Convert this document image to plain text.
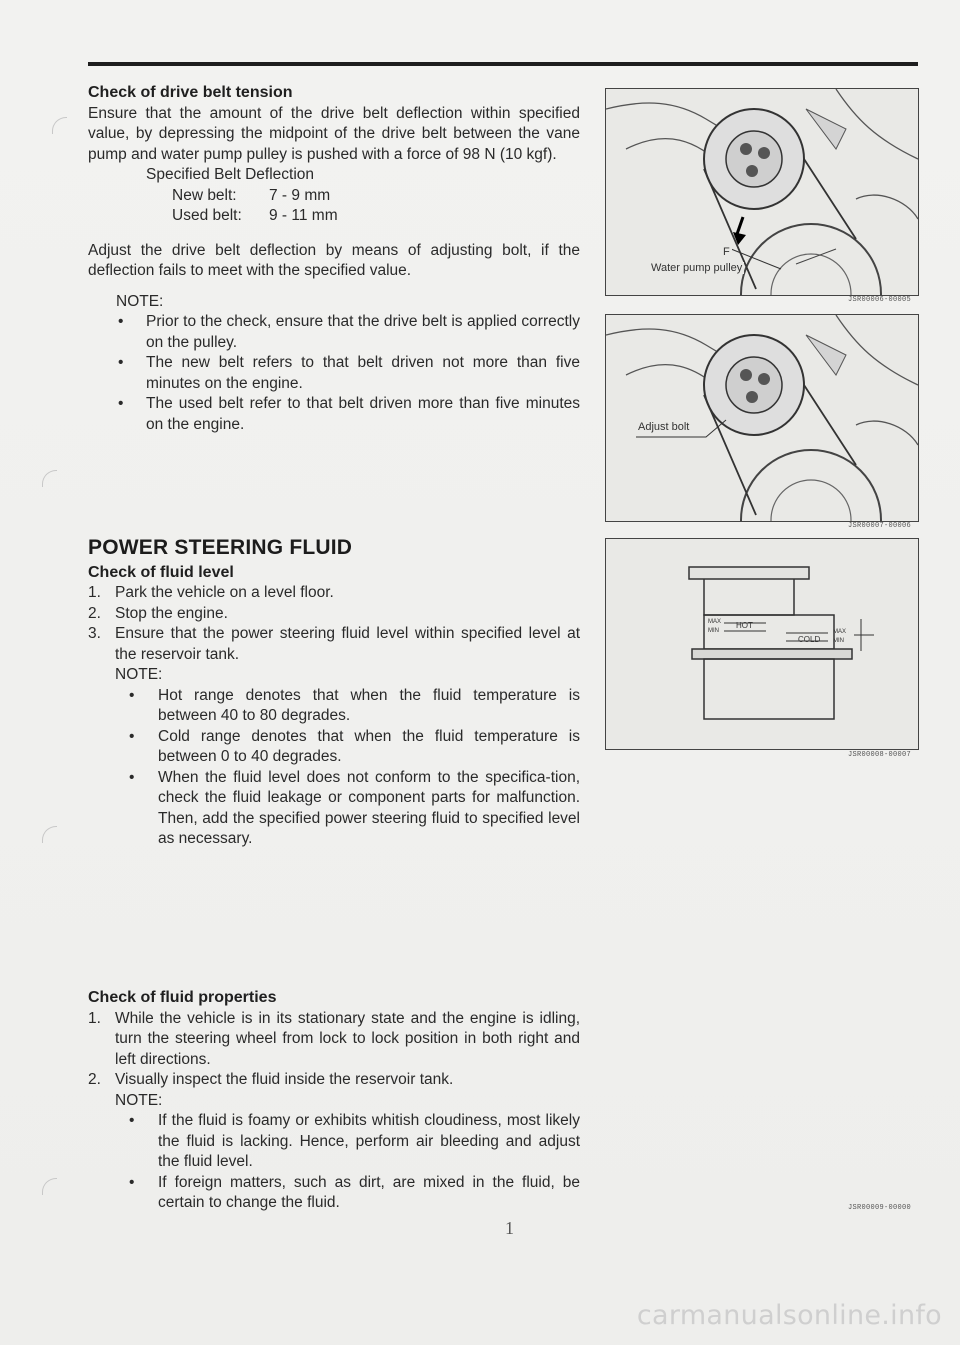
Check of drive belt tension

Ensure that the amount of the drive belt deflection within specified value, by depressing the midpoint of the drive belt between the vane pump and water pump pulley is pushed with a force of 98 N (10 kgf).

Specified Belt Deflection
New belt:	7 - 9 mm
Used belt:	9 - 11 mm

Adjust the drive belt deflection by means of adjusting bolt, if the deflection fails to meet with the specified value.

NOTE:
• Prior to the check, ensure that the drive belt is applied correctly on the pulley.
• The new belt refers to that belt driven not more than five minutes on the engine.
• The used belt refer to that belt driven more than five minutes on the engine.
POWER STEERING FLUID
Check of fluid level
1. Park the vehicle on a level floor.
2. Stop the engine.
3. Ensure that the power steering fluid level within specified level at the reservoir tank.
NOTE:
• Hot range denotes that when the fluid temperature is between 40 to 80 degrades.
• Cold range denotes that when the fluid temperature is between 0 to 40 degrades.
• When the fluid level does not conform to the specifica-tion, check the fluid leakage or component parts for malfunction. Then, add the specified power steering fluid to specified level as necessary.
Check of fluid properties
1. While the vehicle is in its stationary state and the engine is idling, turn the steering wheel from lock to lock position in both right and left directions.
2. Visually inspect the fluid inside the reservoir tank.
NOTE:
• If the fluid is foamy or exhibits whitish cloudiness, most likely the fluid is lacking. Hence, perform air bleeding and adjust the fluid level.
• If foreign matters, such as dirt, are mixed in the fluid, be certain to change the fluid.
F
Water pump pulley
JSR00006-00005
Adjust bolt
JSR00007-00006
MAX
MIN
HOT
COLD
MAX
MIN
JSR00008-00007
JSR00009-00000
1
carmanualsonline.info
